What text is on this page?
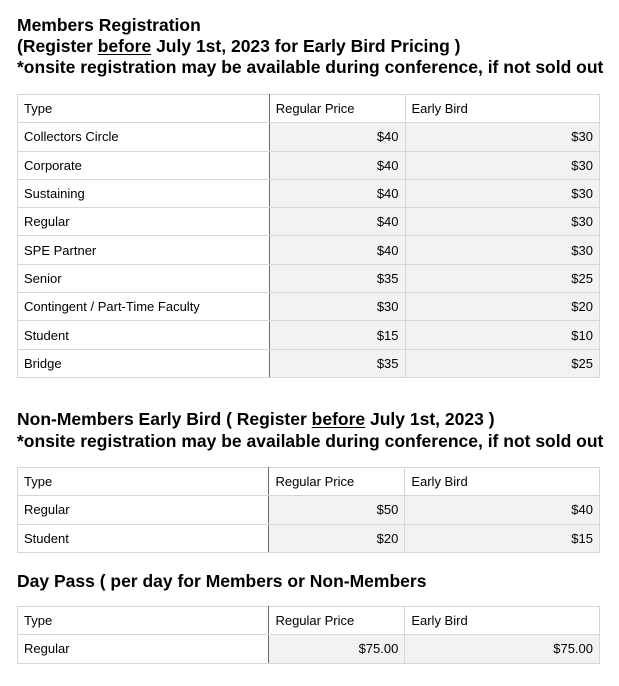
Members Registration
(Register before July 1st, 2023 for Early Bird Pricing )
*onsite registration may be available during conference, if not sold out
Type	Regular Price	Early Bird
Collectors Circle	$40	$30
Corporate	$40	$30
Sustaining	$40	$30
Regular	$40	$30
SPE Partner	$40	$30
Senior	$35	$25
Contingent / Part-Time Faculty	$30	$20
Student	$15	$10
Bridge	$35	$25
Non-Members Early Bird ( Register before July 1st, 2023 )
*onsite registration may be available during conference, if not sold out
Type	Regular Price	Early Bird
Regular	$50	$40
Student	$20	$15
Day Pass ( per day for Members or Non-Members
Type	Regular Price	Early Bird
Regular	$75.00	$75.00
